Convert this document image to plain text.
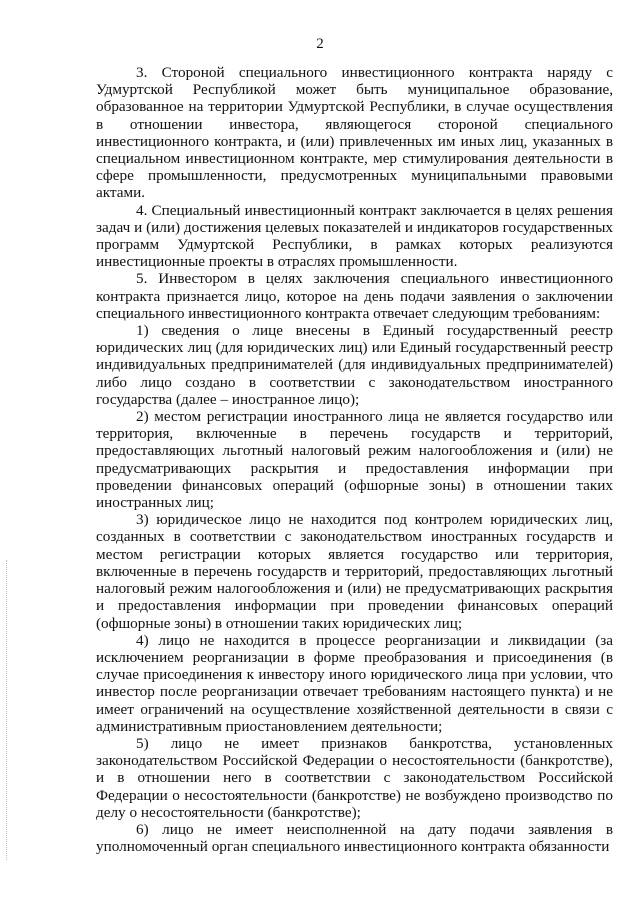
2

3. Стороной специального инвестиционного контракта наряду с Удмуртской Республикой может быть муниципальное образование, образованное на территории Удмуртской Республики, в случае осуществления в отношении инвестора, являющегося стороной специального инвестиционного контракта, и (или) привлеченных им иных лиц, указанных в специальном инвестиционном контракте, мер стимулирования деятельности в сфере промышленности, предусмотренных муниципальными правовыми актами.

4. Специальный инвестиционный контракт заключается в целях решения задач и (или) достижения целевых показателей и индикаторов государственных программ Удмуртской Республики, в рамках которых реализуются инвестиционные проекты в отраслях промышленности.

5. Инвестором в целях заключения специального инвестиционного контракта признается лицо, которое на день подачи заявления о заключении специального инвестиционного контракта отвечает следующим требованиям:

1) сведения о лице внесены в Единый государственный реестр юридических лиц (для юридических лиц) или Единый государственный реестр индивидуальных предпринимателей (для индивидуальных предпринимателей) либо лицо создано в соответствии с законодательством иностранного государства (далее – иностранное лицо);

2) местом регистрации иностранного лица не является государство или территория, включенные в перечень государств и территорий, предоставляющих льготный налоговый режим налогообложения и (или) не предусматривающих раскрытия и предоставления информации при проведении финансовых операций (офшорные зоны) в отношении таких иностранных лиц;

3) юридическое лицо не находится под контролем юридических лиц, созданных в соответствии с законодательством иностранных государств и местом регистрации которых является государство или территория, включенные в перечень государств и территорий, предоставляющих льготный налоговый режим налогообложения и (или) не предусматривающих раскрытия и предоставления информации при проведении финансовых операций (офшорные зоны) в отношении таких юридических лиц;

4) лицо не находится в процессе реорганизации и ликвидации (за исключением реорганизации в форме преобразования и присоединения (в случае присоединения к инвестору иного юридического лица при условии, что инвестор после реорганизации отвечает требованиям настоящего пункта) и не имеет ограничений на осуществление хозяйственной деятельности в связи с административным приостановлением деятельности;

5) лицо не имеет признаков банкротства, установленных законодательством Российской Федерации о несостоятельности (банкротстве), и в отношении него в соответствии с законодательством Российской Федерации о несостоятельности (банкротстве) не возбуждено производство по делу о несостоятельности (банкротстве);

6) лицо не имеет неисполненной на дату подачи заявления в уполномоченный орган специального инвестиционного контракта обязанности
